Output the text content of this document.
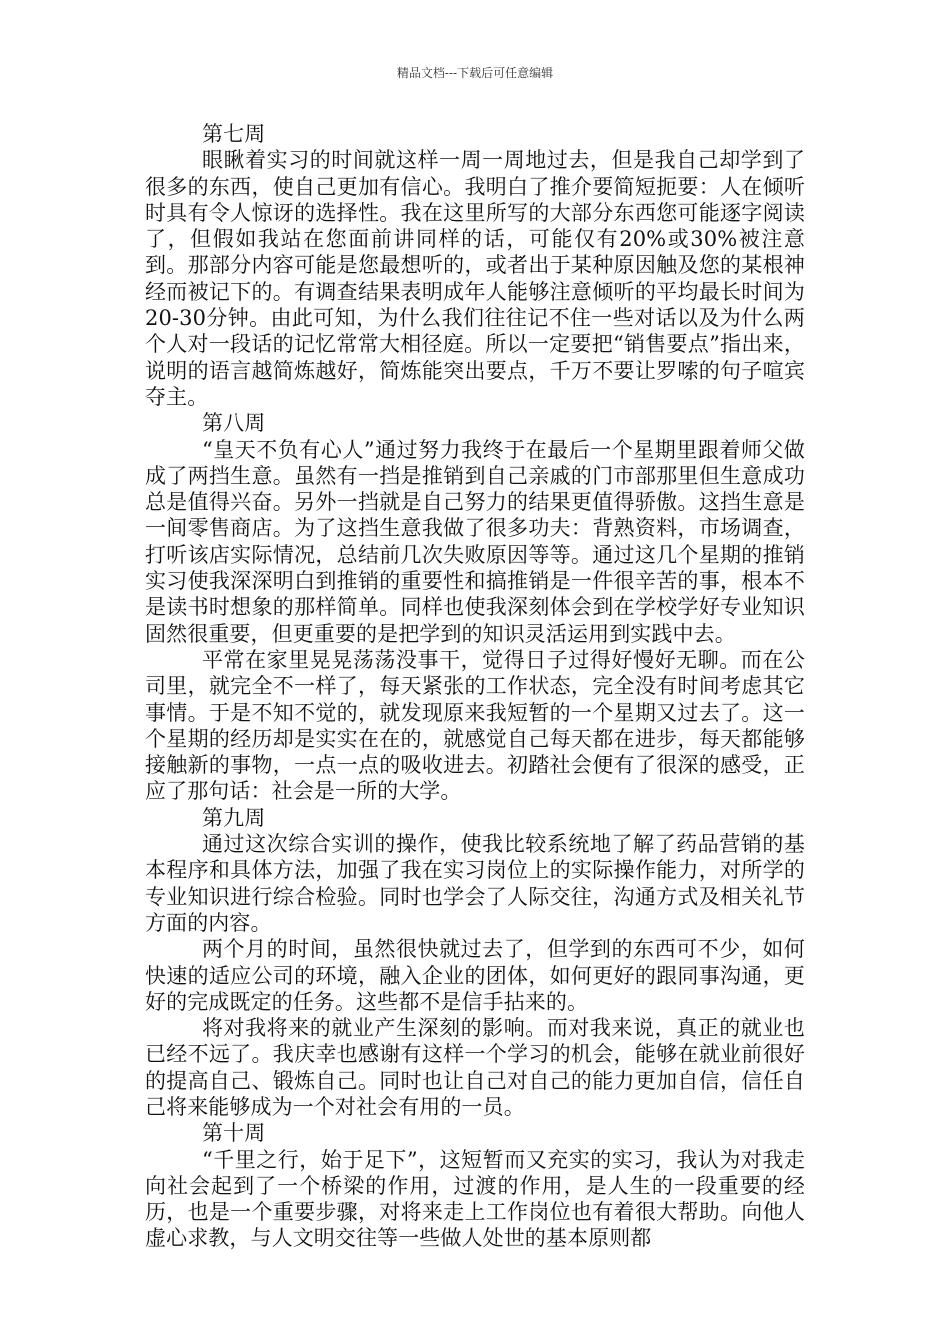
精品文档---下载后可任意编辑

第七周

眼瞅着实习的时间就这样一周一周地过去，但是我自己却学到了很多的东西，使自己更加有信心。我明白了推介要简短扼要：人在倾听时具有令人惊讶的选择性。我在这里所写的大部分东西您可能逐字阅读了，但假如我站在您面前讲同样的话，可能仅有20%或30%被注意到。那部分内容可能是您最想听的，或者出于某种原因触及您的某根神经而被记下的。有调查结果表明成年人能够注意倾听的平均最长时间为20-30分钟。由此可知，为什么我们往往记不住一些对话以及为什么两个人对一段话的记忆常常大相径庭。所以一定要把“销售要点”指出来，说明的语言越简炼越好，简炼能突出要点，千万不要让罗嗦的句子喧宾夺主。

第八周

“皇天不负有心人”通过努力我终于在最后一个星期里跟着师父做成了两挡生意。虽然有一挡是推销到自己亲戚的门市部那里但生意成功总是值得兴奋。另外一挡就是自己努力的结果更值得骄傲。这挡生意是一间零售商店。为了这挡生意我做了很多功夫：背熟资料，市场调查，打听该店实际情况，总结前几次失败原因等等。通过这几个星期的推销实习使我深深明白到推销的重要性和搞推销是一件很辛苦的事，根本不是读书时想象的那样简单。同样也使我深刻体会到在学校学好专业知识固然很重要，但更重要的是把学到的知识灵活运用到实践中去。

平常在家里晃晃荡荡没事干，觉得日子过得好慢好无聊。而在公司里，就完全不一样了，每天紧张的工作状态，完全没有时间考虑其它事情。于是不知不觉的，就发现原来我短暂的一个星期又过去了。这一个星期的经历却是实实在在的，就感觉自己每天都在进步，每天都能够接触新的事物，一点一点的吸收进去。初踏社会便有了很深的感受，正应了那句话：社会是一所的大学。

第九周

通过这次综合实训的操作，使我比较系统地了解了药品营销的基本程序和具体方法，加强了我在实习岗位上的实际操作能力，对所学的专业知识进行综合检验。同时也学会了人际交往，沟通方式及相关礼节方面的内容。

两个月的时间，虽然很快就过去了，但学到的东西可不少，如何快速的适应公司的环境，融入企业的团体，如何更好的跟同事沟通，更好的完成既定的任务。这些都不是信手拈来的。

将对我将来的就业产生深刻的影响。而对我来说，真正的就业也已经不远了。我庆幸也感谢有这样一个学习的机会，能够在就业前很好的提高自己、锻炼自己。同时也让自己对自己的能力更加自信，信任自己将来能够成为一个对社会有用的一员。

第十周

“千里之行，始于足下”，这短暂而又充实的实习，我认为对我走向社会起到了一个桥梁的作用，过渡的作用，是人生的一段重要的经历，也是一个重要步骤，对将来走上工作岗位也有着很大帮助。向他人虚心求教，与人文明交往等一些做人处世的基本原则都
